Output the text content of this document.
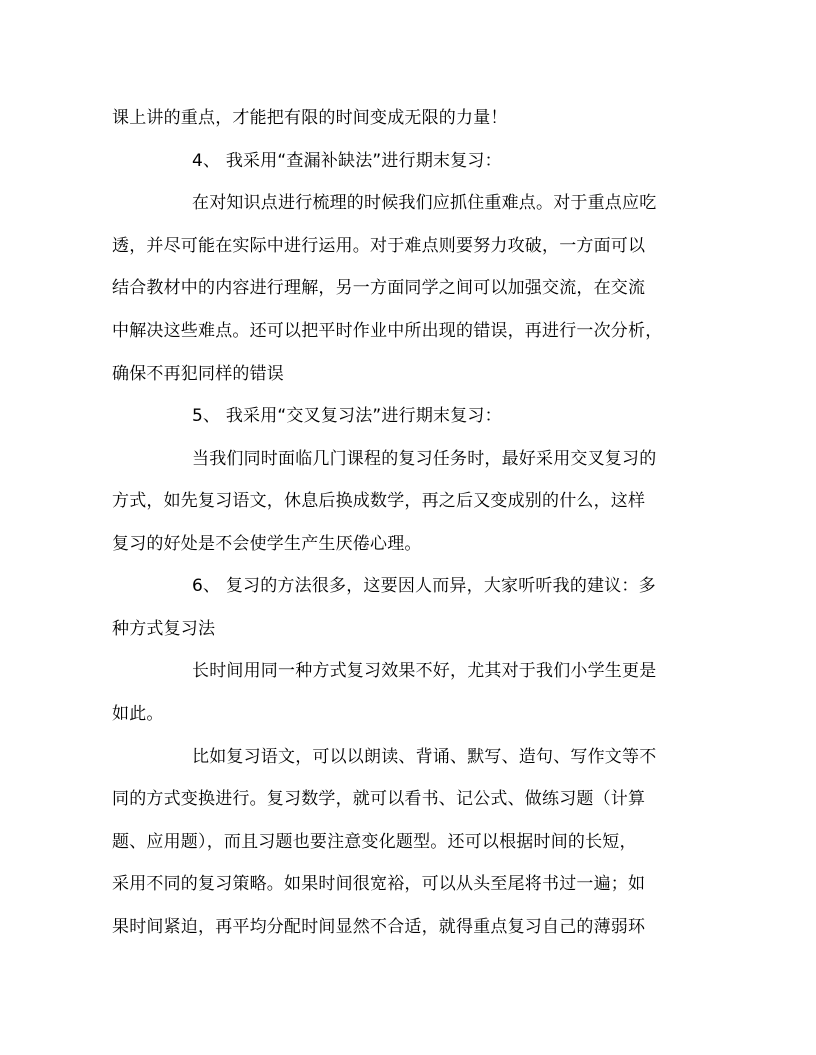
课上讲的重点，才能把有限的时间变成无限的力量！
4、 我采用“查漏补缺法”进行期末复习：
在对知识点进行梳理的时候我们应抓住重难点。对于重点应吃
透，并尽可能在实际中进行运用。对于难点则要努力攻破，一方面可以
结合教材中的内容进行理解，另一方面同学之间可以加强交流，在交流
中解决这些难点。还可以把平时作业中所出现的错误，再进行一次分析，
确保不再犯同样的错误
5、 我采用“交叉复习法”进行期末复习：
当我们同时面临几门课程的复习任务时，最好采用交叉复习的
方式，如先复习语文，休息后换成数学，再之后又变成别的什么，这样
复习的好处是不会使学生产生厌倦心理。
6、 复习的方法很多，这要因人而异，大家听听我的建议：多
种方式复习法
长时间用同一种方式复习效果不好，尤其对于我们小学生更是
如此。
比如复习语文，可以以朗读、背诵、默写、造句、写作文等不
同的方式变换进行。复习数学，就可以看书、记公式、做练习题（计算
题、应用题），而且习题也要注意变化题型。还可以根据时间的长短，
采用不同的复习策略。如果时间很宽裕，可以从头至尾将书过一遍；如
果时间紧迫，再平均分配时间显然不合适，就得重点复习自己的薄弱环
